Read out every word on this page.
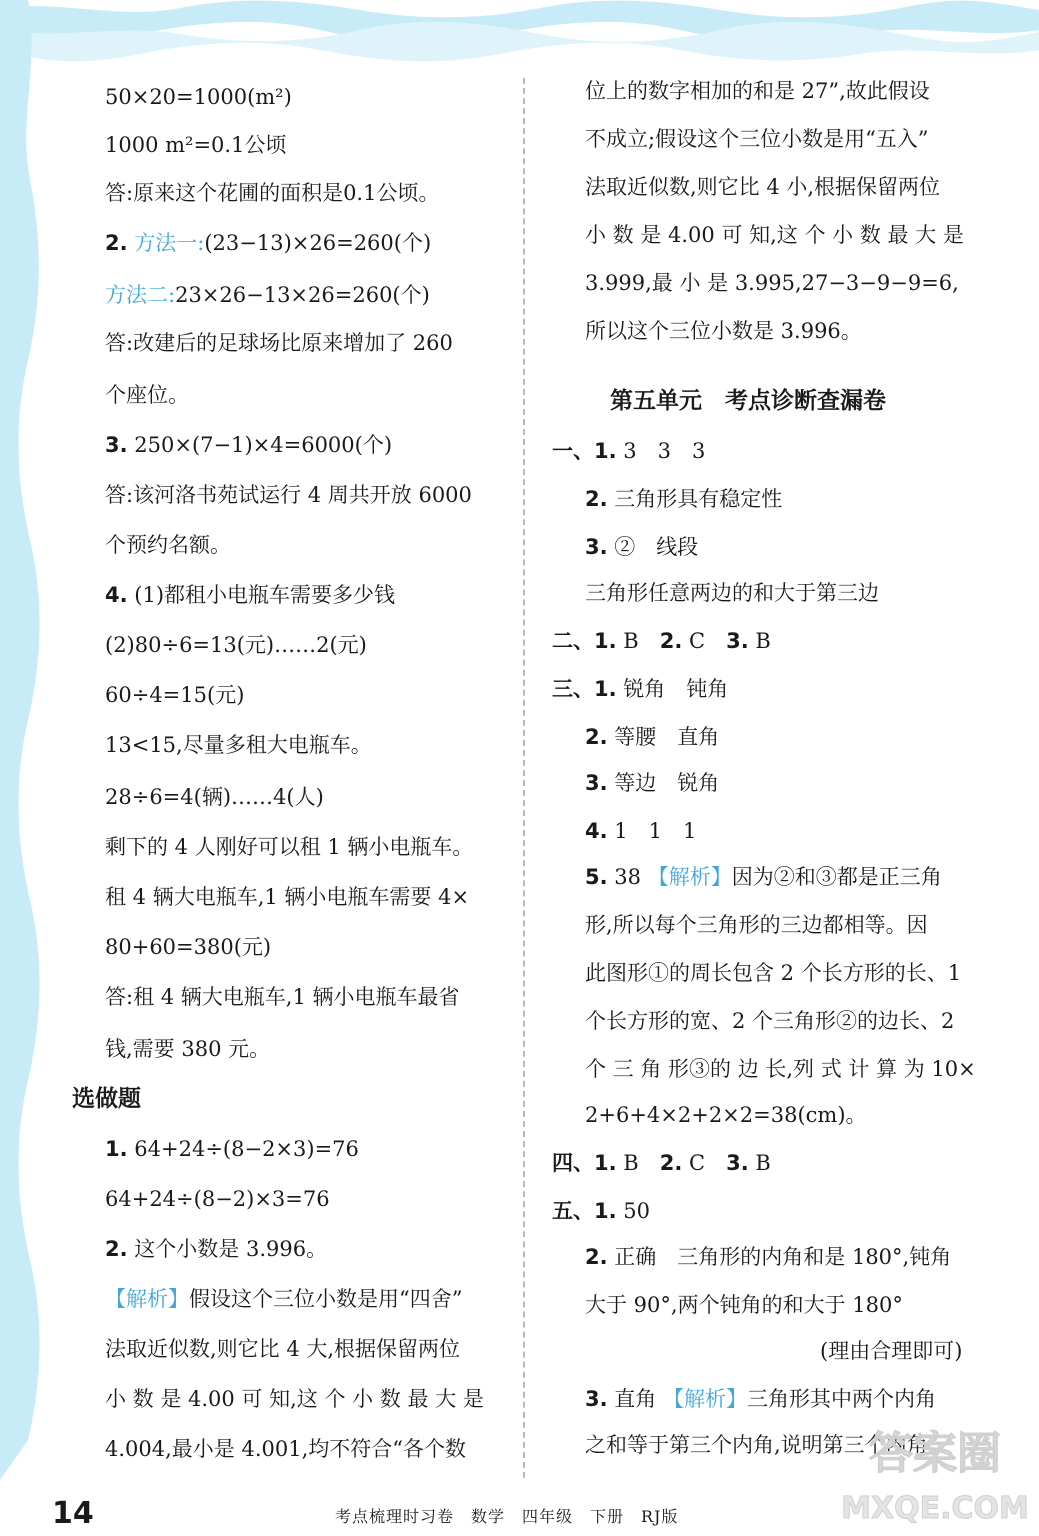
50×20=1000(m²)
1000 m²=0.1公顷
答:原来这个花圃的面积是0.1公顷。
2. 方法一:(23−13)×26=260(个)
方法二:23×26−13×26=260(个)
答:改建后的足球场比原来增加了 260
个座位。
3. 250×(7−1)×4=6000(个)
答:该河洛书苑试运行 4 周共开放 6000
个预约名额。
4. (1)都租小电瓶车需要多少钱
(2)80÷6=13(元)……2(元)
60÷4=15(元)
13<15,尽量多租大电瓶车。
28÷6=4(辆)……4(人)
剩下的 4 人刚好可以租 1 辆小电瓶车。
租 4 辆大电瓶车,1 辆小电瓶车需要 4×
80+60=380(元)
答:租 4 辆大电瓶车,1 辆小电瓶车最省
钱,需要 380 元。
选做题
1. 64+24÷(8−2×3)=76
64+24÷(8−2)×3=76
2. 这个小数是 3.996。
【解析】假设这个三位小数是用“四舍”
法取近似数,则它比 4 大,根据保留两位
小 数 是 4.00 可 知,这 个 小 数 最 大 是
4.004,最小是 4.001,均不符合“各个数
位上的数字相加的和是 27”,故此假设
不成立;假设这个三位小数是用“五入”
法取近似数,则它比 4 小,根据保留两位
小 数 是 4.00 可 知,这 个 小 数 最 大 是
3.999,最 小 是 3.995,27−3−9−9=6,
所以这个三位小数是 3.996。
第五单元　考点诊断查漏卷
一、1. 3　3　3
2. 三角形具有稳定性
3. ②　线段
三角形任意两边的和大于第三边
二、1. B　 2. C　 3. B
三、1. 锐角　钝角
2. 等腰　直角
3. 等边　锐角
4. 1　1　1
5. 38 【解析】因为②和③都是正三角
形,所以每个三角形的三边都相等。因
此图形①的周长包含 2 个长方形的长、1
个长方形的宽、2 个三角形②的边长、2
个 三 角 形③的 边 长,列 式 计 算 为 10×
2+6+4×2+2×2=38(cm)。
四、1. B　 2. C　 3. B
五、1. 50
2. 正确　三角形的内角和是 180°,钝角
大于 90°,两个钝角的和大于 180°
(理由合理即可)
3. 直角 【解析】三角形其中两个内角
之和等于第三个内角,说明第三个内角
14	考点梳理时习卷　数学　四年级　下册　RJ版
答案圈
MXQE.COM
